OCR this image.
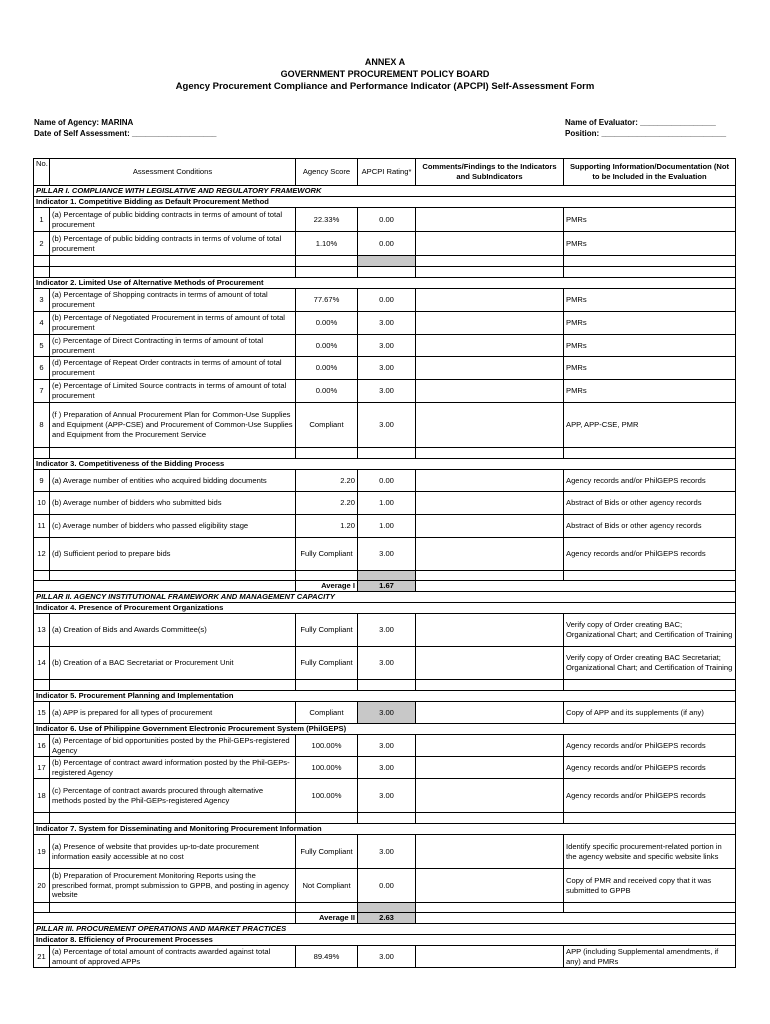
ANNEX A
GOVERNMENT PROCUREMENT POLICY BOARD
Agency Procurement Compliance and Performance Indicator (APCPI) Self-Assessment Form
Name of Agency: MARINA
Date of Self Assessment: ___________________
Name of Evaluator: _________________
Position: ____________________________
No.	Assessment Conditions	Agency Score	APCPI Rating*	Comments/Findings to the Indicators and SubIndicators	Supporting Information/Documentation (Not to be Included in the Evaluation
PILLAR I. COMPLIANCE WITH LEGISLATIVE AND REGULATORY FRAMEWORK					
Indicator 1. Competitive Bidding as Default Procurement Method					
1	(a) Percentage of public bidding contracts in terms of amount of total procurement	22.33%	0.00		PMRs
2	(b) Percentage of public bidding contracts in terms of volume of total procurement	1.10%	0.00		PMRs

Indicator 2. Limited Use of Alternative Methods of Procurement					
3	(a) Percentage of Shopping contracts in terms of amount of total procurement	77.67%	0.00		PMRs
4	(b) Percentage of Negotiated Procurement in terms of amount of total procurement	0.00%	3.00		PMRs
5	(c) Percentage of Direct Contracting in terms of amount of total procurement	0.00%	3.00		PMRs
6	(d) Percentage of Repeat Order contracts in terms of amount of total procurement	0.00%	3.00		PMRs
7	(e) Percentage of Limited Source contracts in terms of amount of total procurement	0.00%	3.00		PMRs
8	(f ) Preparation of Annual Procurement Plan for Common-Use Supplies and Equipment (APP-CSE) and Procurement of Common-Use Supplies and Equipment from the Procurement Service	Compliant	3.00		APP, APP-CSE, PMR

Indicator 3. Competitiveness of the Bidding Process					
9	(a) Average number of entities who acquired bidding documents	2.20	0.00		Agency records and/or PhilGEPS records
10	(b) Average number of bidders who submitted bids	2.20	1.00		Abstract of Bids or other agency records
11	(c) Average number of bidders who passed eligibility stage	1.20	1.00		Abstract of Bids or other agency records
12	(d) Sufficient period to prepare bids	Fully Compliant	3.00		Agency records and/or PhilGEPS records

		Average I	1.67		
PILLAR II. AGENCY INSTITUTIONAL FRAMEWORK AND MANAGEMENT CAPACITY					
Indicator 4. Presence of Procurement Organizations					
13	(a) Creation of Bids and Awards Committee(s)	Fully Compliant	3.00		Verify copy of Order creating BAC; Organizational Chart; and Certification of Training
14	(b) Creation of a BAC Secretariat or Procurement Unit	Fully Compliant	3.00		Verify copy of Order creating BAC Secretariat; Organizational Chart; and Certification of Training

Indicator 5. Procurement Planning and Implementation					
15	(a) APP is prepared for all types of procurement	Compliant	3.00		Copy of APP and its supplements (if any)
Indicator 6. Use of Philippine Government Electronic Procurement System (PhilGEPS)					
16	(a) Percentage of bid opportunities posted by the Phil-GEPs-registered Agency	100.00%	3.00		Agency records and/or PhilGEPS records
17	(b) Percentage of contract award information posted by the Phil-GEPs-registered Agency	100.00%	3.00		Agency records and/or PhilGEPS records
18	(c) Percentage of contract awards procured through alternative methods posted by the Phil-GEPs-registered Agency	100.00%	3.00		Agency records and/or PhilGEPS records

Indicator 7. System for Disseminating and Monitoring Procurement Information					
19	(a) Presence of website that provides up-to-date procurement information easily accessible at no cost	Fully Compliant	3.00		Identify specific procurement-related portion in the agency website and specific website links
20	(b) Preparation of Procurement Monitoring Reports using the prescribed format, prompt submission to GPPB, and posting in agency website	Not Compliant	0.00		Copy of PMR and received copy that it was submitted to GPPB

		Average II	2.63		
PILLAR III. PROCUREMENT OPERATIONS AND MARKET PRACTICES					
Indicator 8. Efficiency of Procurement Processes					
21	(a) Percentage of total amount of contracts awarded against total amount of approved APPs	89.49%	3.00		APP (including Supplemental amendments, if any) and PMRs
